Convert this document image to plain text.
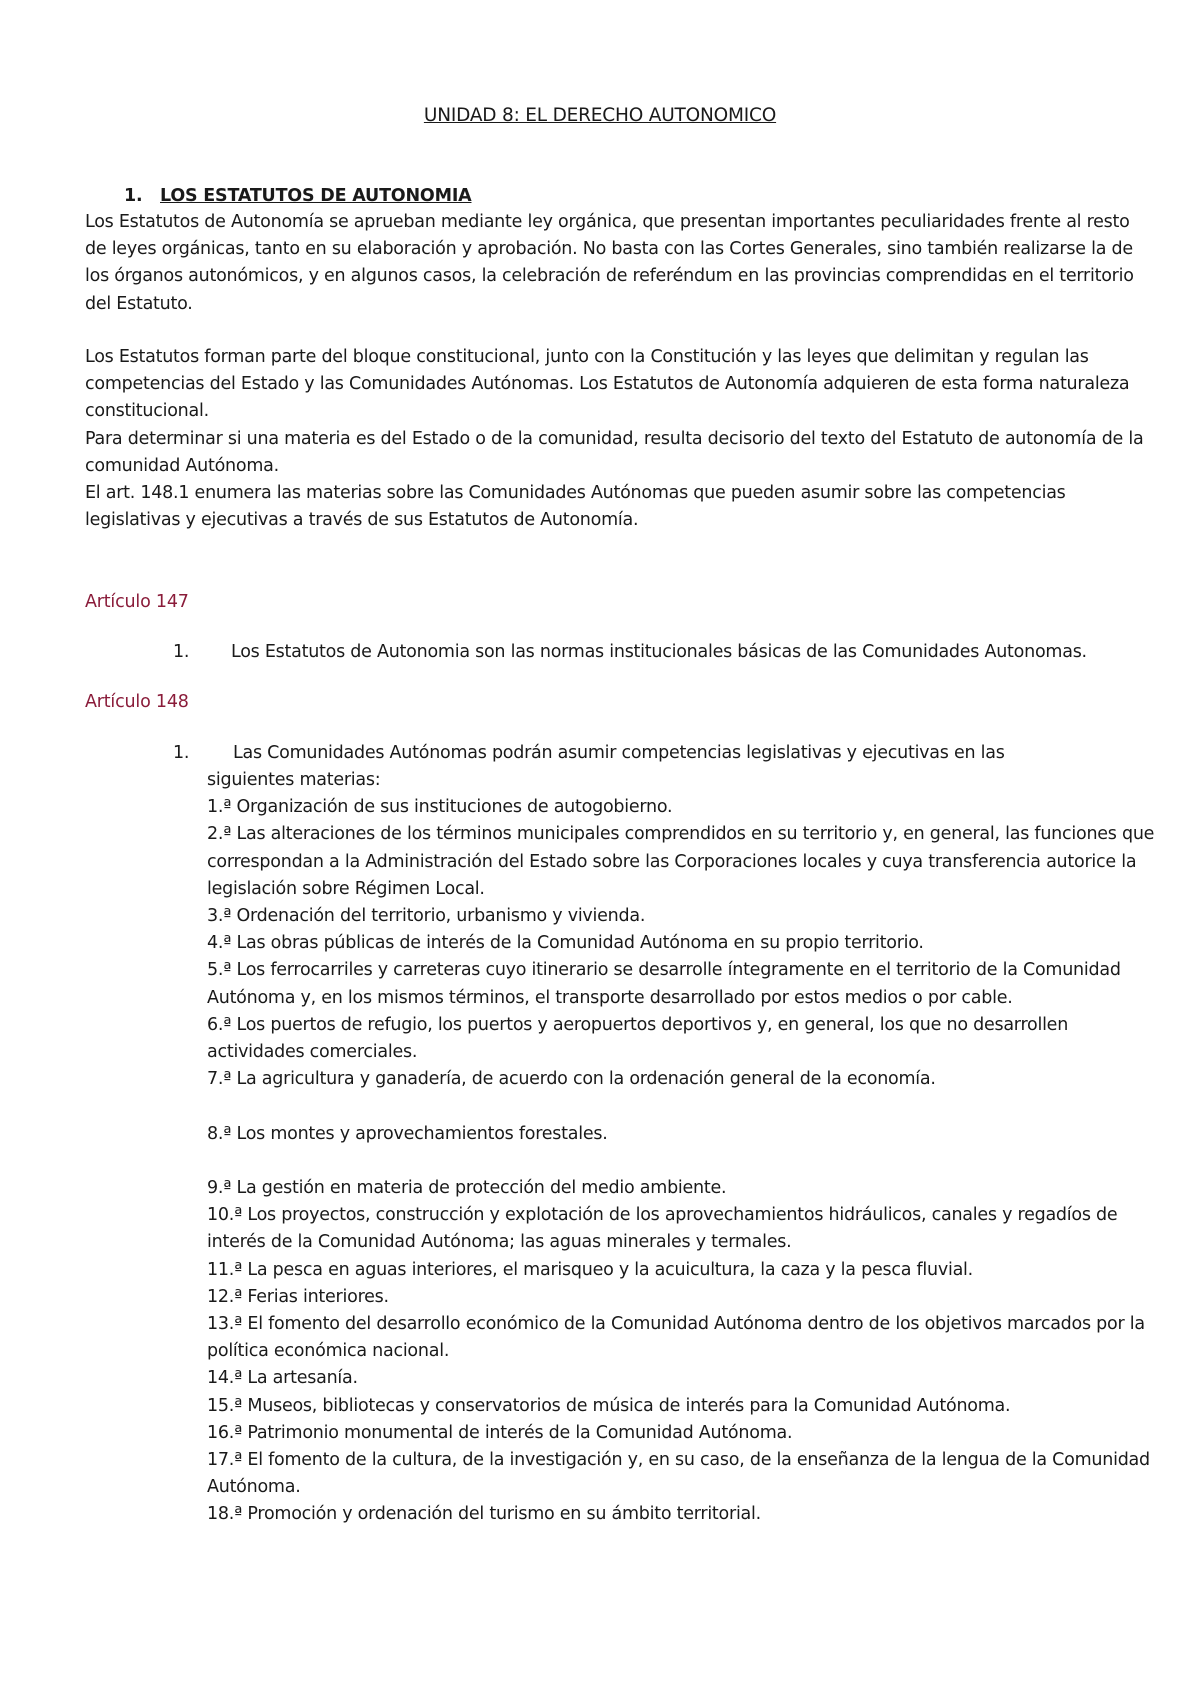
UNIDAD 8: EL DERECHO AUTONOMICO
1. LOS ESTATUTOS DE AUTONOMIA

Los Estatutos de Autonomía se aprueban mediante ley orgánica, que presentan importantes peculiaridades frente al resto de leyes orgánicas, tanto en su elaboración y aprobación. No basta con las Cortes Generales, sino también realizarse la de los órganos autonómicos, y en algunos casos, la celebración de referéndum en las provincias comprendidas en el territorio del Estatuto.

Los Estatutos forman parte del bloque constitucional, junto con la Constitución y las leyes que delimitan y regulan las competencias del Estado y las Comunidades Autónomas. Los Estatutos de Autonomía adquieren de esta forma naturaleza constitucional.

Para determinar si una materia es del Estado o de la comunidad, resulta decisorio del texto del Estatuto de autonomía de la comunidad Autónoma.

El art. 148.1 enumera las materias sobre las Comunidades Autónomas que pueden asumir sobre las competencias legislativas y ejecutivas a través de sus Estatutos de Autonomía.

Artículo 147
1. Los Estatutos de Autonomia son las normas institucionales básicas de las Comunidades Autonomas.
Artículo 148
1.	Las Comunidades Autónomas podrán asumir competencias legislativas y ejecutivas en las

siguientes materias:

1.ª Organización de sus instituciones de autogobierno.

2.ª Las alteraciones de los términos municipales comprendidos en su territorio y, en general, las funciones que correspondan a la Administración del Estado sobre las Corporaciones locales y cuya transferencia autorice la legislación sobre Régimen Local.

3.ª Ordenación del territorio, urbanismo y vivienda.

4.ª Las obras públicas de interés de la Comunidad Autónoma en su propio territorio.

5.ª Los ferrocarriles y carreteras cuyo itinerario se desarrolle íntegramente en el territorio de la Comunidad Autónoma y, en los mismos términos, el transporte desarrollado por estos medios o por cable.

6.ª Los puertos de refugio, los puertos y aeropuertos deportivos y, en general, los que no desarrollen actividades comerciales.

7.ª La agricultura y ganadería, de acuerdo con la ordenación general de la economía.

8.ª Los montes y aprovechamientos forestales.

9.ª La gestión en materia de protección del medio ambiente.

10.ª Los proyectos, construcción y explotación de los aprovechamientos hidráulicos, canales y regadíos de interés de la Comunidad Autónoma; las aguas minerales y termales.

11.ª La pesca en aguas interiores, el marisqueo y la acuicultura, la caza y la pesca fluvial.

12.ª Ferias interiores.

13.ª El fomento del desarrollo económico de la Comunidad Autónoma dentro de los objetivos marcados por la política económica nacional.

14.ª La artesanía.

15.ª Museos, bibliotecas y conservatorios de música de interés para la Comunidad Autónoma.

16.ª Patrimonio monumental de interés de la Comunidad Autónoma.

17.ª El fomento de la cultura, de la investigación y, en su caso, de la enseñanza de la lengua de la Comunidad Autónoma.

18.ª Promoción y ordenación del turismo en su ámbito territorial.
